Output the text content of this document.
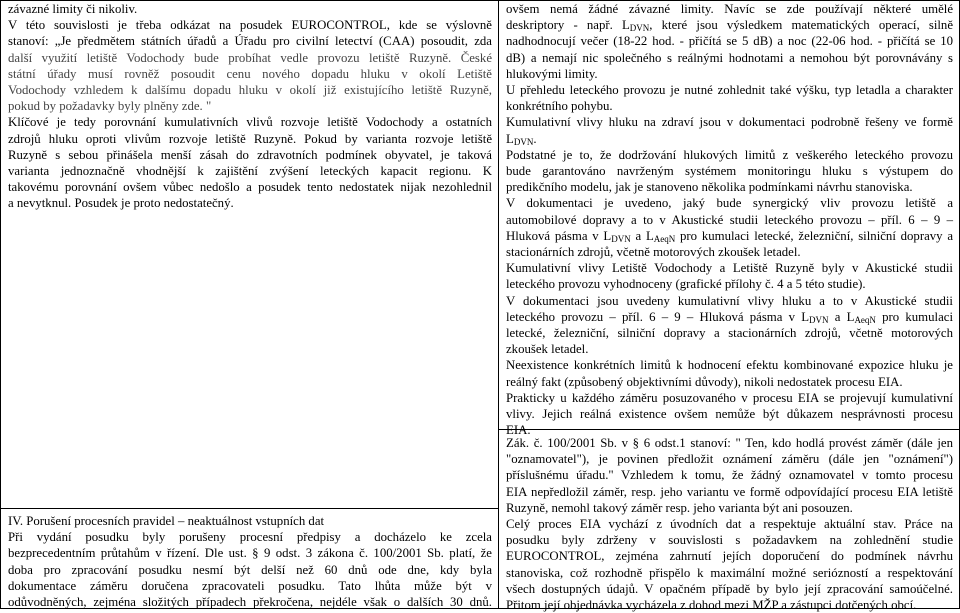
závazné limity či nikoliv.

V této souvislosti je třeba odkázat na posudek EUROCONTROL, kde se výslovně
stanoví: „Je předmětem státních úřadů a Úřadu pro civilní letectví (CAA) posoudit, zda
další využití letiště Vodochody bude probíhat vedle provozu letiště Ruzyně. České
státní úřady musí rovněž posoudit cenu nového dopadu hluku v okolí Letiště
Vodochody vzhledem k dalšímu dopadu hluku v okolí již existujícího letiště Ruzyně,
pokud by požadavky byly plněny zde. "

Klíčové je tedy porovnání kumulativních vlivů rozvoje letiště Vodochody a ostatních
zdrojů hluku oproti vlivům rozvoje letiště Ruzyně. Pokud by varianta rozvoje letiště
Ruzyně s sebou přinášela menší zásah do zdravotních podmínek obyvatel, je taková
varianta jednoznačně vhodnější k zajištění zvýšení leteckých kapacit regionu. K
takovému porovnání ovšem vůbec nedošlo a posudek tento nedostatek nijak nezohlednil
a nevytknul. Posudek je proto nedostatečný.

IV. Porušení procesních pravidel – neaktuálnost vstupních dat

Při vydání posudku byly porušeny procesní předpisy a docházelo ke zcela
bezprecedentním průtahům v řízení. Dle ust. § 9 odst. 3 zákona č. 100/2001 Sb. platí, že
doba pro zpracování posudku nesmí být delší než 60 dnů ode dne, kdy byla
dokumentace záměru doručena zpracovateli posudku. Tato lhůta může být v
odůvodněných, zejména složitých případech překročena, nejdéle však o dalších 30 dnů.

ovšem nemá žádné závazné limity. Navíc se zde používají některé umělé
deskriptory - např. $L_{DVN}$, které jsou výsledkem matematických operací, silně
nadhodnocují večer (18-22 hod. - přičítá se 5 dB) a noc (22-06 hod. - přičítá se 10
dB) a nemají nic společného s reálnými hodnotami a nemohou být porovnávány s
hlukovými limity.

U přehledu leteckého provozu je nutné zohlednit také výšku, typ letadla a charakter
konkrétního pohybu.

Kumulativní vlivy hluku na zdraví jsou v dokumentaci podrobně řešeny ve formě
$L_{DVN}$.

Podstatné je to, že dodržování hlukových limitů z veškerého leteckého provozu
bude garantováno navrženým systémem monitoringu hluku s výstupem do
predikčního modelu, jak je stanoveno několika podmínkami návrhu stanoviska.

V dokumentaci je uvedeno, jaký bude synergický vliv provozu letiště a
automobilové dopravy a to v Akustické studii leteckého provozu – příl. 6 – 9 –
Hluková pásma v $L_{DVN}$ a $L_{AeqN}$ pro kumulaci letecké, železniční, silniční dopravy a
stacionárních zdrojů, včetně motorových zkoušek letadel.

Kumulativní vlivy Letiště Vodochody a Letiště Ruzyně byly v Akustické studii
leteckého provozu vyhodnoceny (grafické přílohy č. 4 a 5 této studie).

V dokumentaci jsou uvedeny kumulativní vlivy hluku a to v Akustické studii
leteckého provozu – příl. 6 – 9 – Hluková pásma v $L_{DVN}$ a $L_{AeqN}$ pro kumulaci
letecké, železniční, silniční dopravy a stacionárních zdrojů, včetně motorových
zkoušek letadel.

Neexistence konkrétních limitů k hodnocení efektu kombinované expozice hluku je
reálný fakt (způsobený objektivními důvody), nikoli nedostatek procesu EIA.

Prakticky u každého záměru posuzovaného v procesu EIA se projevují kumulativní
vlivy. Jejich reálná existence ovšem nemůže být důkazem nesprávnosti procesu
EIA.

Zák. č. 100/2001 Sb. v § 6 odst.1 stanoví: " Ten, kdo hodlá provést záměr (dále jen
"oznamovatel"), je povinen předložit oznámení záměru (dále jen "oznámení")
příslušnému úřadu." Vzhledem k tomu, že žádný oznamovatel v tomto procesu
EIA nepředložil záměr, resp. jeho variantu ve formě odpovídající procesu EIA letiště
Ruzyně, nemohl takový záměr resp. jeho varianta být ani posouzen.

Celý proces EIA vychází z úvodních dat a respektuje aktuální stav. Práce na
posudku byly zdrženy v souvislosti s požadavkem na zohlednění studie
EUROCONTROL, zejména zahrnutí jejích doporučení do podmínek návrhu
stanoviska, což rozhodně přispělo k maximální možné seriózností a respektování
všech dostupných údajů. V opačném případě by bylo její zpracování samoúčelné.
Přitom její objednávka vycházela z dohod mezi MŽP a zástupci dotčených obcí.
